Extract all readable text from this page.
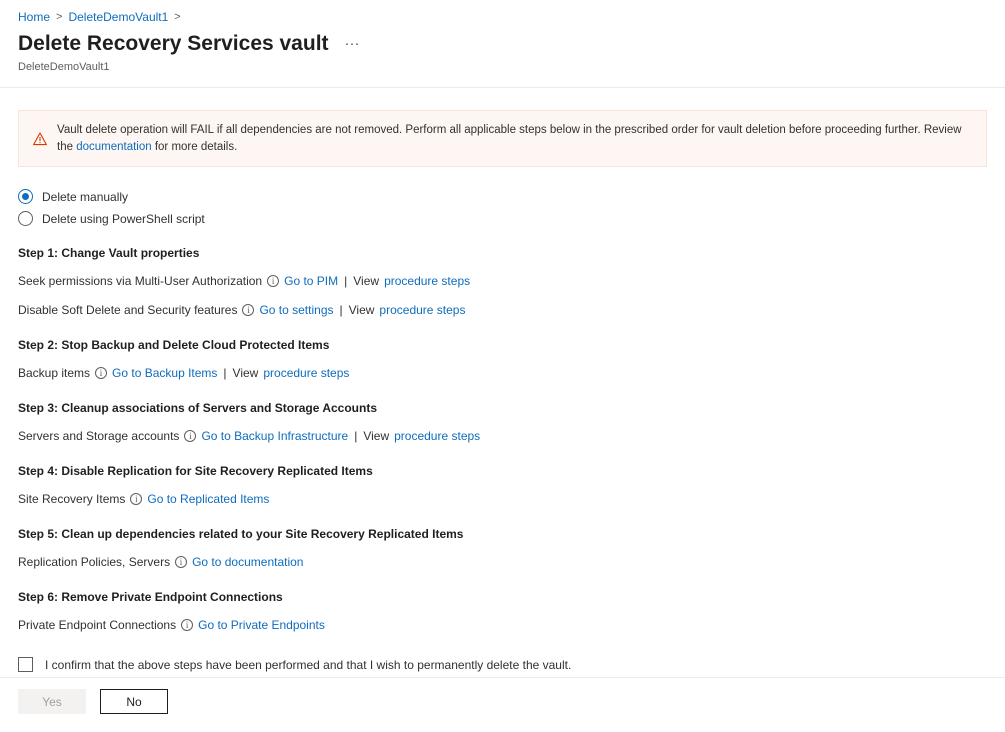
Home > DeleteDemoVault1 >
Delete Recovery Services vault ···
DeleteDemoVault1
Vault delete operation will FAIL if all dependencies are not removed. Perform all applicable steps below in the prescribed order for vault deletion before proceeding further. Review the documentation for more details.
Delete manually
Delete using PowerShell script
Step 1: Change Vault properties
Seek permissions via Multi-User Authorization	i Go to PIM | View procedure steps
Disable Soft Delete and Security features	i Go to settings | View procedure steps
Step 2: Stop Backup and Delete Cloud Protected Items
Backup items	i Go to Backup Items | View procedure steps
Step 3: Cleanup associations of Servers and Storage Accounts
Servers and Storage accounts	i Go to Backup Infrastructure | View procedure steps
Step 4: Disable Replication for Site Recovery Replicated Items
Site Recovery Items	i Go to Replicated Items
Step 5: Clean up dependencies related to your Site Recovery Replicated Items
Replication Policies, Servers	i Go to documentation
Step 6: Remove Private Endpoint Connections
Private Endpoint Connections	i Go to Private Endpoints
I confirm that the above steps have been performed and that I wish to permanently delete the vault.
Yes	No
